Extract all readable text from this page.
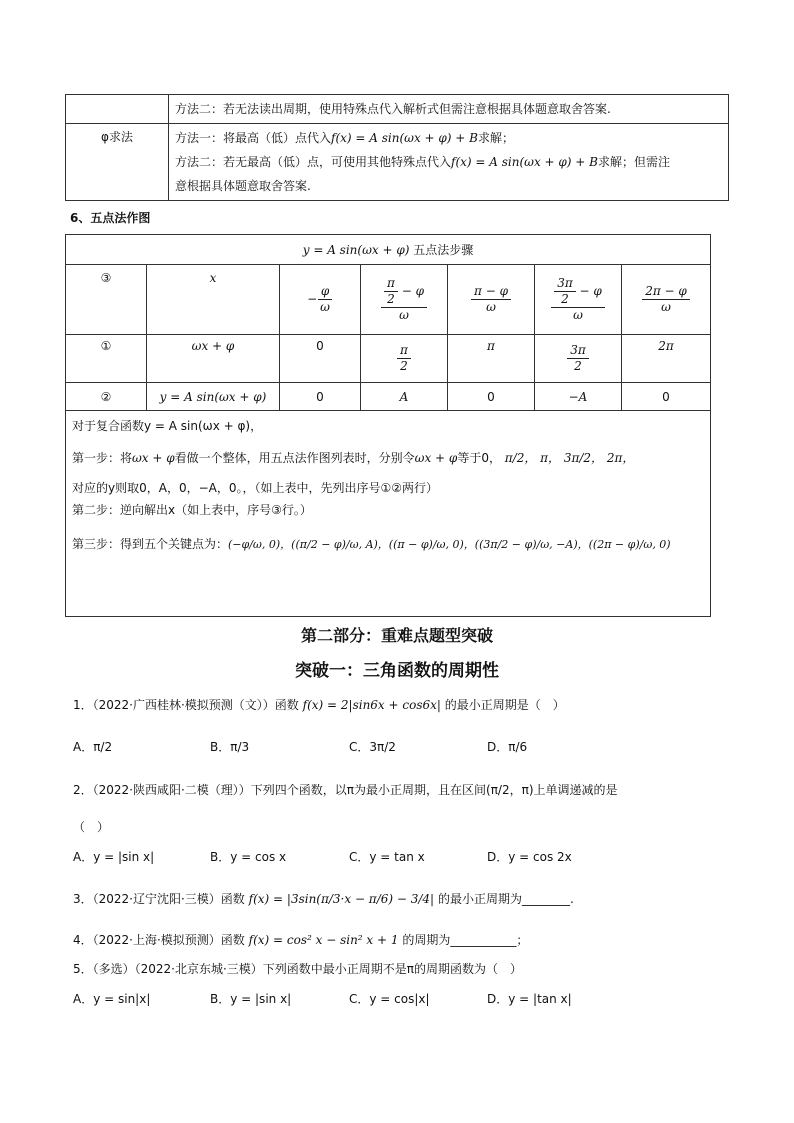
	方法二：若无法读出周期，使用特殊点代入解析式但需注意根据具体题意取舍答案.
φ求法	方法一：将最高（低）点代入f(x) = A sin(ωx + φ) + B求解；
方法二：若无最高（低）点，可使用其他特殊点代入f(x) = A sin(ωx + φ) + B求解；但需注
意根据具体题意取舍答案.
6、五点法作图
y = A sin(ωx + φ) 五点法步骤						
③	x	− $\frac{\varphi}{\omega}$	$\frac{\frac{\pi}{2} - \varphi}{\omega}$	$\frac{\pi - \varphi}{\omega}$	$\frac{\frac{3\pi}{2} - \varphi}{\omega}$	$\frac{2\pi - \varphi}{\omega}$

①	ωx + φ	0	$\frac{\pi}{2}$	π	$\frac{3\pi}{2}$	2π
②	y = A sin(ωx + φ)	0	A	0	−A	0

对于复合函数y = A sin(ωx + φ)，
第一步：将ωx + φ看做一个整体，用五点法作图列表时，分别令ωx + φ等于0， π/2， π， 3π/2， 2π，
对应的y则取0，A，0，−A，0。，（如上表中，先列出序号①②两行）
第二步：逆向解出x（如上表中，序号③行。）
第三步：得到五个关键点为：(−φ/ω, 0)，((π/2 − φ)/ω, A)，((π − φ)/ω, 0)，((3π/2 − φ)/ω, −A)，((2π − φ)/ω, 0)						
第二部分：重难点题型突破
突破一：三角函数的周期性
1．（2022·广西桂林·模拟预测（文））函数 f(x) = 2|sin6x + cos6x| 的最小正周期是（　）
A．π/2	B．π/3	C．3π/2	D．π/6
2．（2022·陕西咸阳·二模（理））下列四个函数，以π为最小正周期，且在区间(π/2，π)上单调递减的是
（　）
A．y = |sin x|	B．y = cos x	C．y = tan x	D．y = cos 2x
3．（2022·辽宁沈阳·三模）函数 f(x) = |3sin(π/3·x − π/6) − 3/4| 的最小正周期为________.
4．（2022·上海·模拟预测）函数 f(x) = cos² x − sin² x + 1 的周期为___________；
5．（多选）（2022·北京东城·三模）下列函数中最小正周期不是π的周期函数为（　）
A．y = sin|x|	B．y = |sin x|	C．y = cos|x|	D．y = |tan x|
